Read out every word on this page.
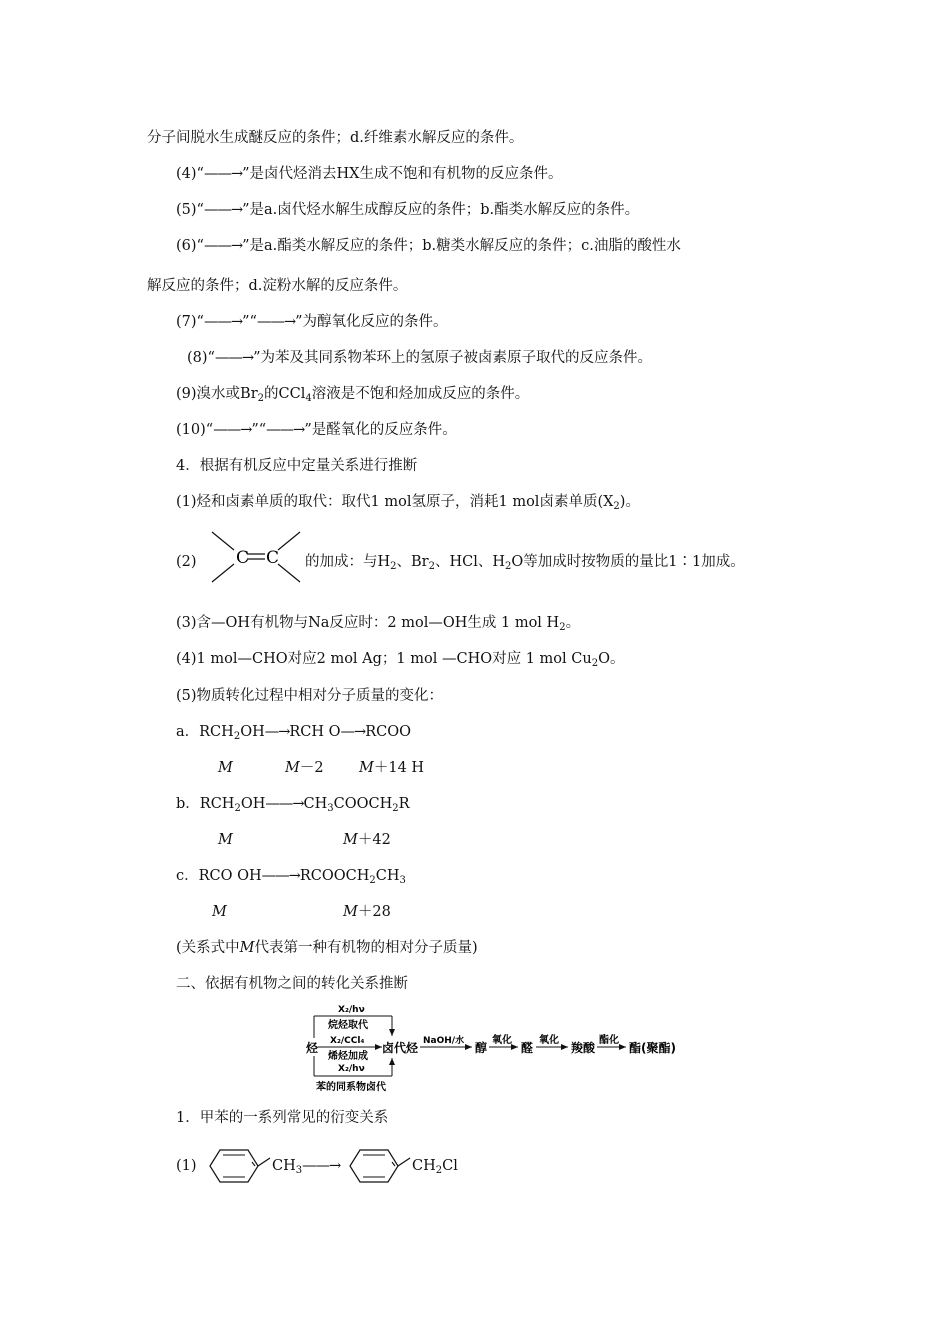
分子间脱水生成醚反应的条件；d.纤维素水解反应的条件。
(4)“——→”是卤代烃消去HX生成不饱和有机物的反应条件。
(5)“——→”是a.卤代烃水解生成醇反应的条件；b.酯类水解反应的条件。
(6)“——→”是a.酯类水解反应的条件；b.糖类水解反应的条件；c.油脂的酸性水
解反应的条件；d.淀粉水解的反应条件。
(7)“——→”“——→”为醇氧化反应的条件。
(8)“——→”为苯及其同系物苯环上的氢原子被卤素原子取代的反应条件。
(9)溴水或$Br_2$的CCl$_4$溶液是不饱和烃加成反应的条件。
(10)“——→”“——→”是醛氧化的反应条件。
4．根据有机反应中定量关系进行推断
(1)烃和卤素单质的取代：取代1 mol氢原子，消耗1 mol卤素单质$(X_2)$。
(2) C C 的加成：与$H_2$、$Br_2$、HCl、$H_2O$等加成时按物质的量比1∶1加成。
(3)含—OH有机物与Na反应时：2 mol—OH生成 1 mol $H_2$。
(4)1 mol—CHO对应2 mol Ag；1 mol —CHO对应 1 mol $Cu_2O$。
(5)物质转化过程中相对分子质量的变化：
a．$RCH_2OH—\to RCH$ O—→RCOO
M	M－2 M＋14 H
b．$RCH_2OH——\to CH_3COOCH_2R$
M	M＋42
c．RCO $OH——\to RCOOCH_2CH_3$
M	M＋28
(关系式中M代表第一种有机物的相对分子质量)
二、依据有机物之间的转化关系推断
烃
X₂/hν
烷烃取代
X₂/CCl₄
烯烃加成
X₂/hν
苯的同系物卤代
卤代烃 NaOH/水 醇
氧化
醛
氧化
羧酸
酯化
酯(聚酯)
1．甲苯的一系列常见的衍变关系
(1)	$CH_3——\to$	$CH_2Cl$
